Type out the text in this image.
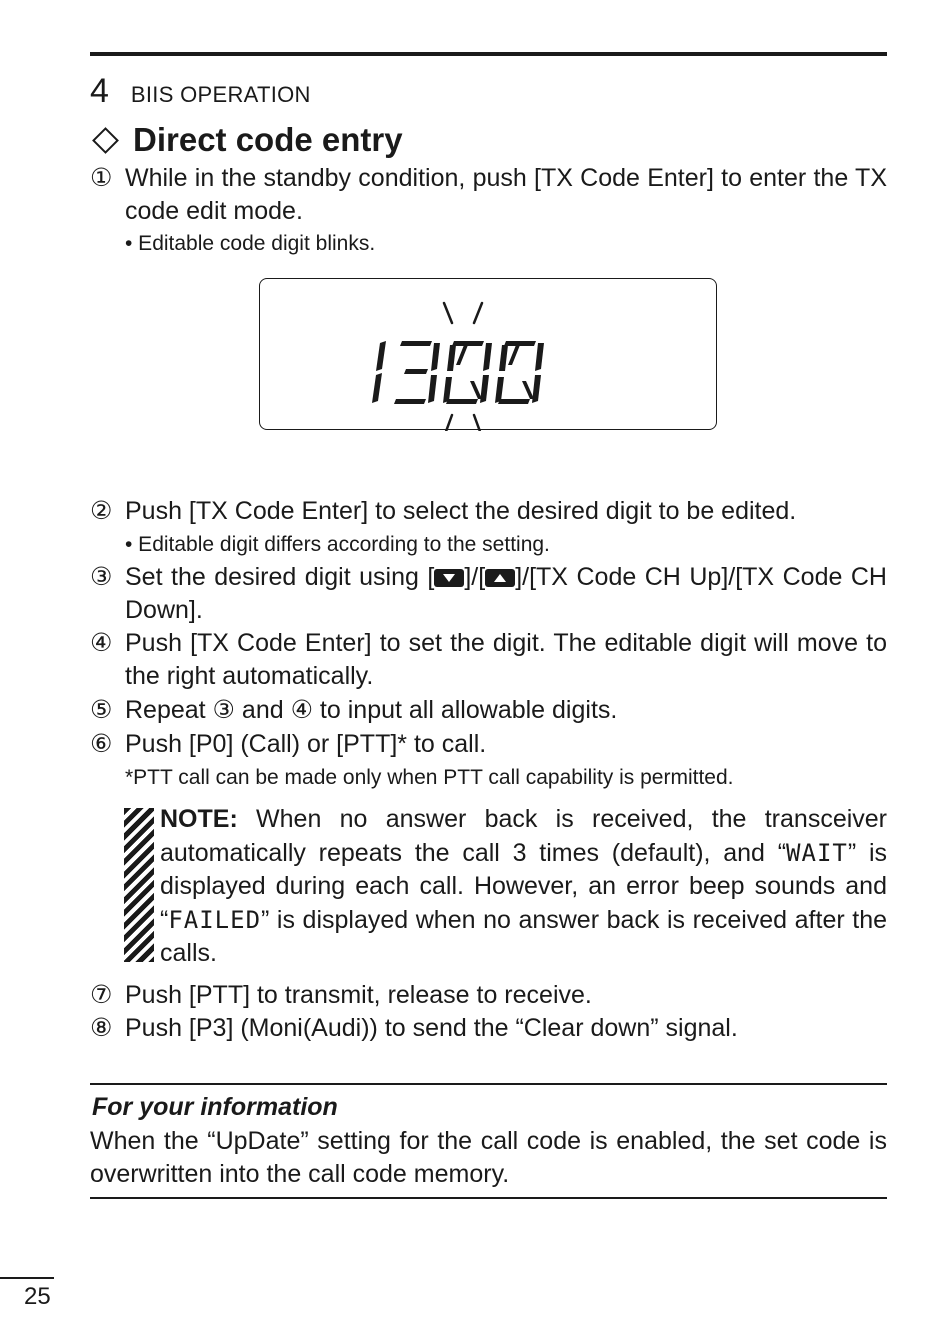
4 BIIS OPERATION
Direct code entry
① While in the standby condition, push [TX Code Enter] to enter the TX code edit mode.
• Editable code digit blinks.
② Push [TX Code Enter] to select the desired digit to be edited.
• Editable digit differs according to the setting.
③ Set the desired digit using [ ]/[ ]/[TX Code CH Up]/[TX Code CH Down].
④ Push [TX Code Enter] to set the digit. The editable digit will move to the right automatically.
⑤ Repeat ③ and ④ to input all allowable digits.
⑥ Push [P0] (Call) or [PTT]* to call.
*PTT call can be made only when PTT call capability is permitted.
NOTE: When no answer back is received, the transceiver automatically repeats the call 3 times (default), and “WAIT” is displayed during each call. However, an error beep sounds and “FAILED” is displayed when no answer back is received after the calls.
⑦ Push [PTT] to transmit, release to receive.
⑧ Push [P3] (Moni(Audi)) to send the “Clear down” signal.
For your information
When the “UpDate” setting for the call code is enabled, the set code is overwritten into the call code memory.
25
